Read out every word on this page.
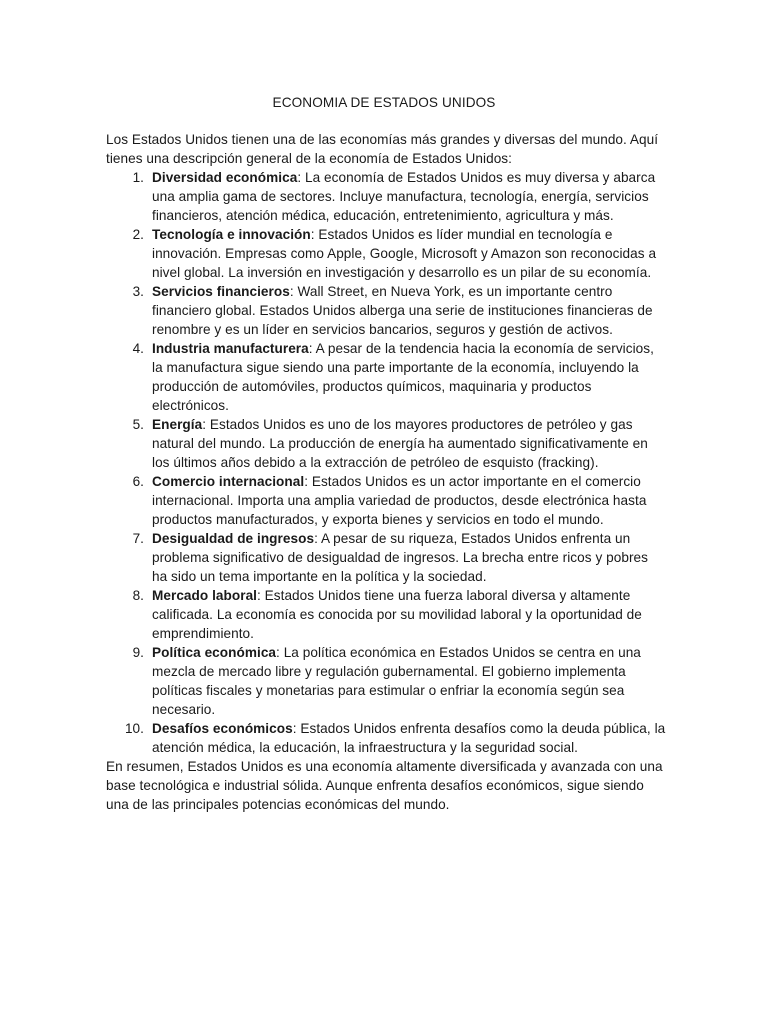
ECONOMIA DE ESTADOS UNIDOS

Los Estados Unidos tienen una de las economías más grandes y diversas del mundo. Aquí tienes una descripción general de la economía de Estados Unidos:

1. Diversidad económica: La economía de Estados Unidos es muy diversa y abarca una amplia gama de sectores. Incluye manufactura, tecnología, energía, servicios financieros, atención médica, educación, entretenimiento, agricultura y más.
2. Tecnología e innovación: Estados Unidos es líder mundial en tecnología e innovación. Empresas como Apple, Google, Microsoft y Amazon son reconocidas a nivel global. La inversión en investigación y desarrollo es un pilar de su economía.
3. Servicios financieros: Wall Street, en Nueva York, es un importante centro financiero global. Estados Unidos alberga una serie de instituciones financieras de renombre y es un líder en servicios bancarios, seguros y gestión de activos.
4. Industria manufacturera: A pesar de la tendencia hacia la economía de servicios, la manufactura sigue siendo una parte importante de la economía, incluyendo la producción de automóviles, productos químicos, maquinaria y productos electrónicos.
5. Energía: Estados Unidos es uno de los mayores productores de petróleo y gas natural del mundo. La producción de energía ha aumentado significativamente en los últimos años debido a la extracción de petróleo de esquisto (fracking).
6. Comercio internacional: Estados Unidos es un actor importante en el comercio internacional. Importa una amplia variedad de productos, desde electrónica hasta productos manufacturados, y exporta bienes y servicios en todo el mundo.
7. Desigualdad de ingresos: A pesar de su riqueza, Estados Unidos enfrenta un problema significativo de desigualdad de ingresos. La brecha entre ricos y pobres ha sido un tema importante en la política y la sociedad.
8. Mercado laboral: Estados Unidos tiene una fuerza laboral diversa y altamente calificada. La economía es conocida por su movilidad laboral y la oportunidad de emprendimiento.
9. Política económica: La política económica en Estados Unidos se centra en una mezcla de mercado libre y regulación gubernamental. El gobierno implementa políticas fiscales y monetarias para estimular o enfriar la economía según sea necesario.
10. Desafíos económicos: Estados Unidos enfrenta desafíos como la deuda pública, la atención médica, la educación, la infraestructura y la seguridad social.

En resumen, Estados Unidos es una economía altamente diversificada y avanzada con una base tecnológica e industrial sólida. Aunque enfrenta desafíos económicos, sigue siendo una de las principales potencias económicas del mundo.
